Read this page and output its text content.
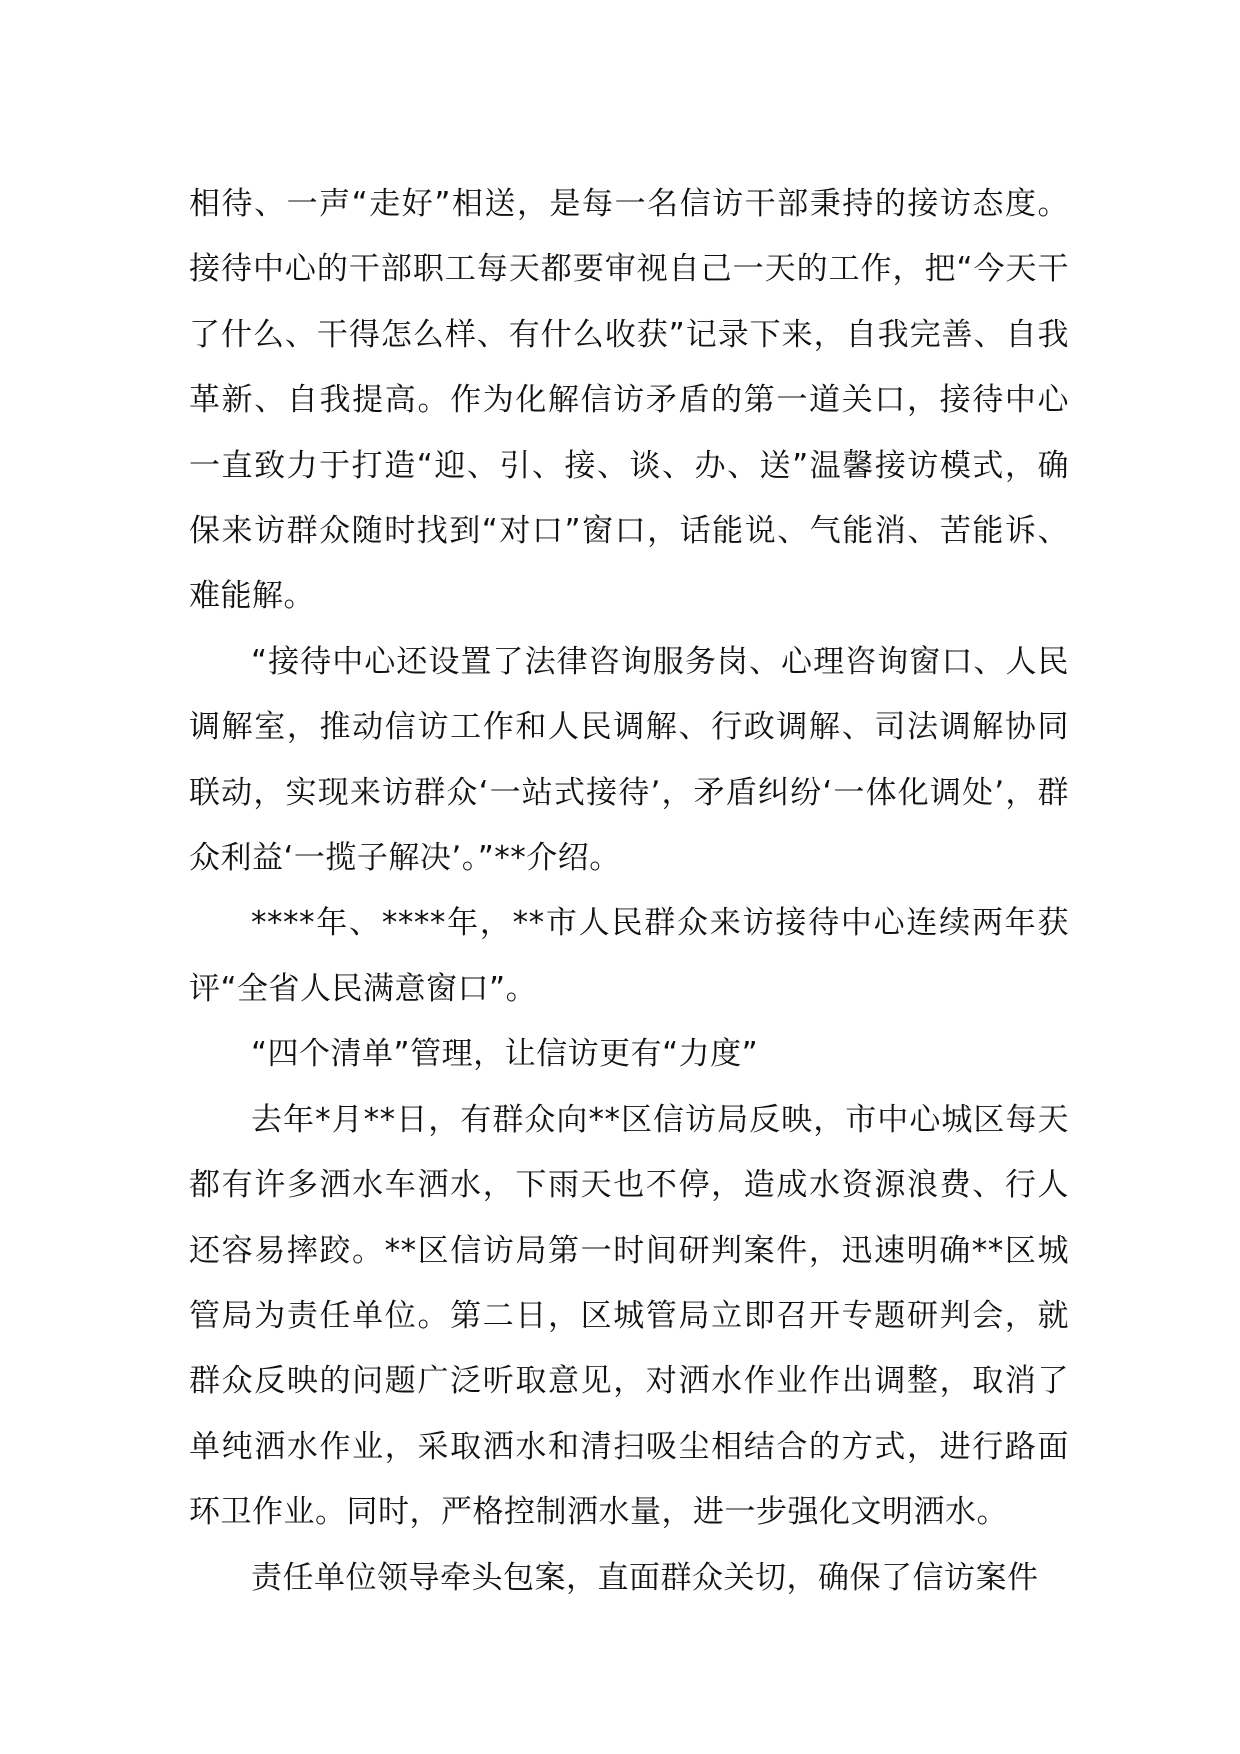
相待、一声“走好”相送，是每一名信访干部秉持的接访态度。接待中心的干部职工每天都要审视自己一天的工作，把“今天干了什么、干得怎么样、有什么收获”记录下来，自我完善、自我革新、自我提高。作为化解信访矛盾的第一道关口，接待中心一直致力于打造“迎、引、接、谈、办、送”温馨接访模式，确保来访群众随时找到“对口”窗口，话能说、气能消、苦能诉、难能解。

“接待中心还设置了法律咨询服务岗、心理咨询窗口、人民调解室，推动信访工作和人民调解、行政调解、司法调解协同联动，实现来访群众‘一站式接待’，矛盾纠纷‘一体化调处’，群众利益‘一揽子解决’。”**介绍。

****年、****年，**市人民群众来访接待中心连续两年获评“全省人民满意窗口”。

“四个清单”管理，让信访更有“力度”

去年*月**日，有群众向**区信访局反映，市中心城区每天都有许多洒水车洒水，下雨天也不停，造成水资源浪费、行人还容易摔跤。**区信访局第一时间研判案件，迅速明确**区城管局为责任单位。第二日，区城管局立即召开专题研判会，就群众反映的问题广泛听取意见，对洒水作业作出调整，取消了单纯洒水作业，采取洒水和清扫吸尘相结合的方式，进行路面环卫作业。同时，严格控制洒水量，进一步强化文明洒水。

责任单位领导牵头包案，直面群众关切，确保了信访案件
